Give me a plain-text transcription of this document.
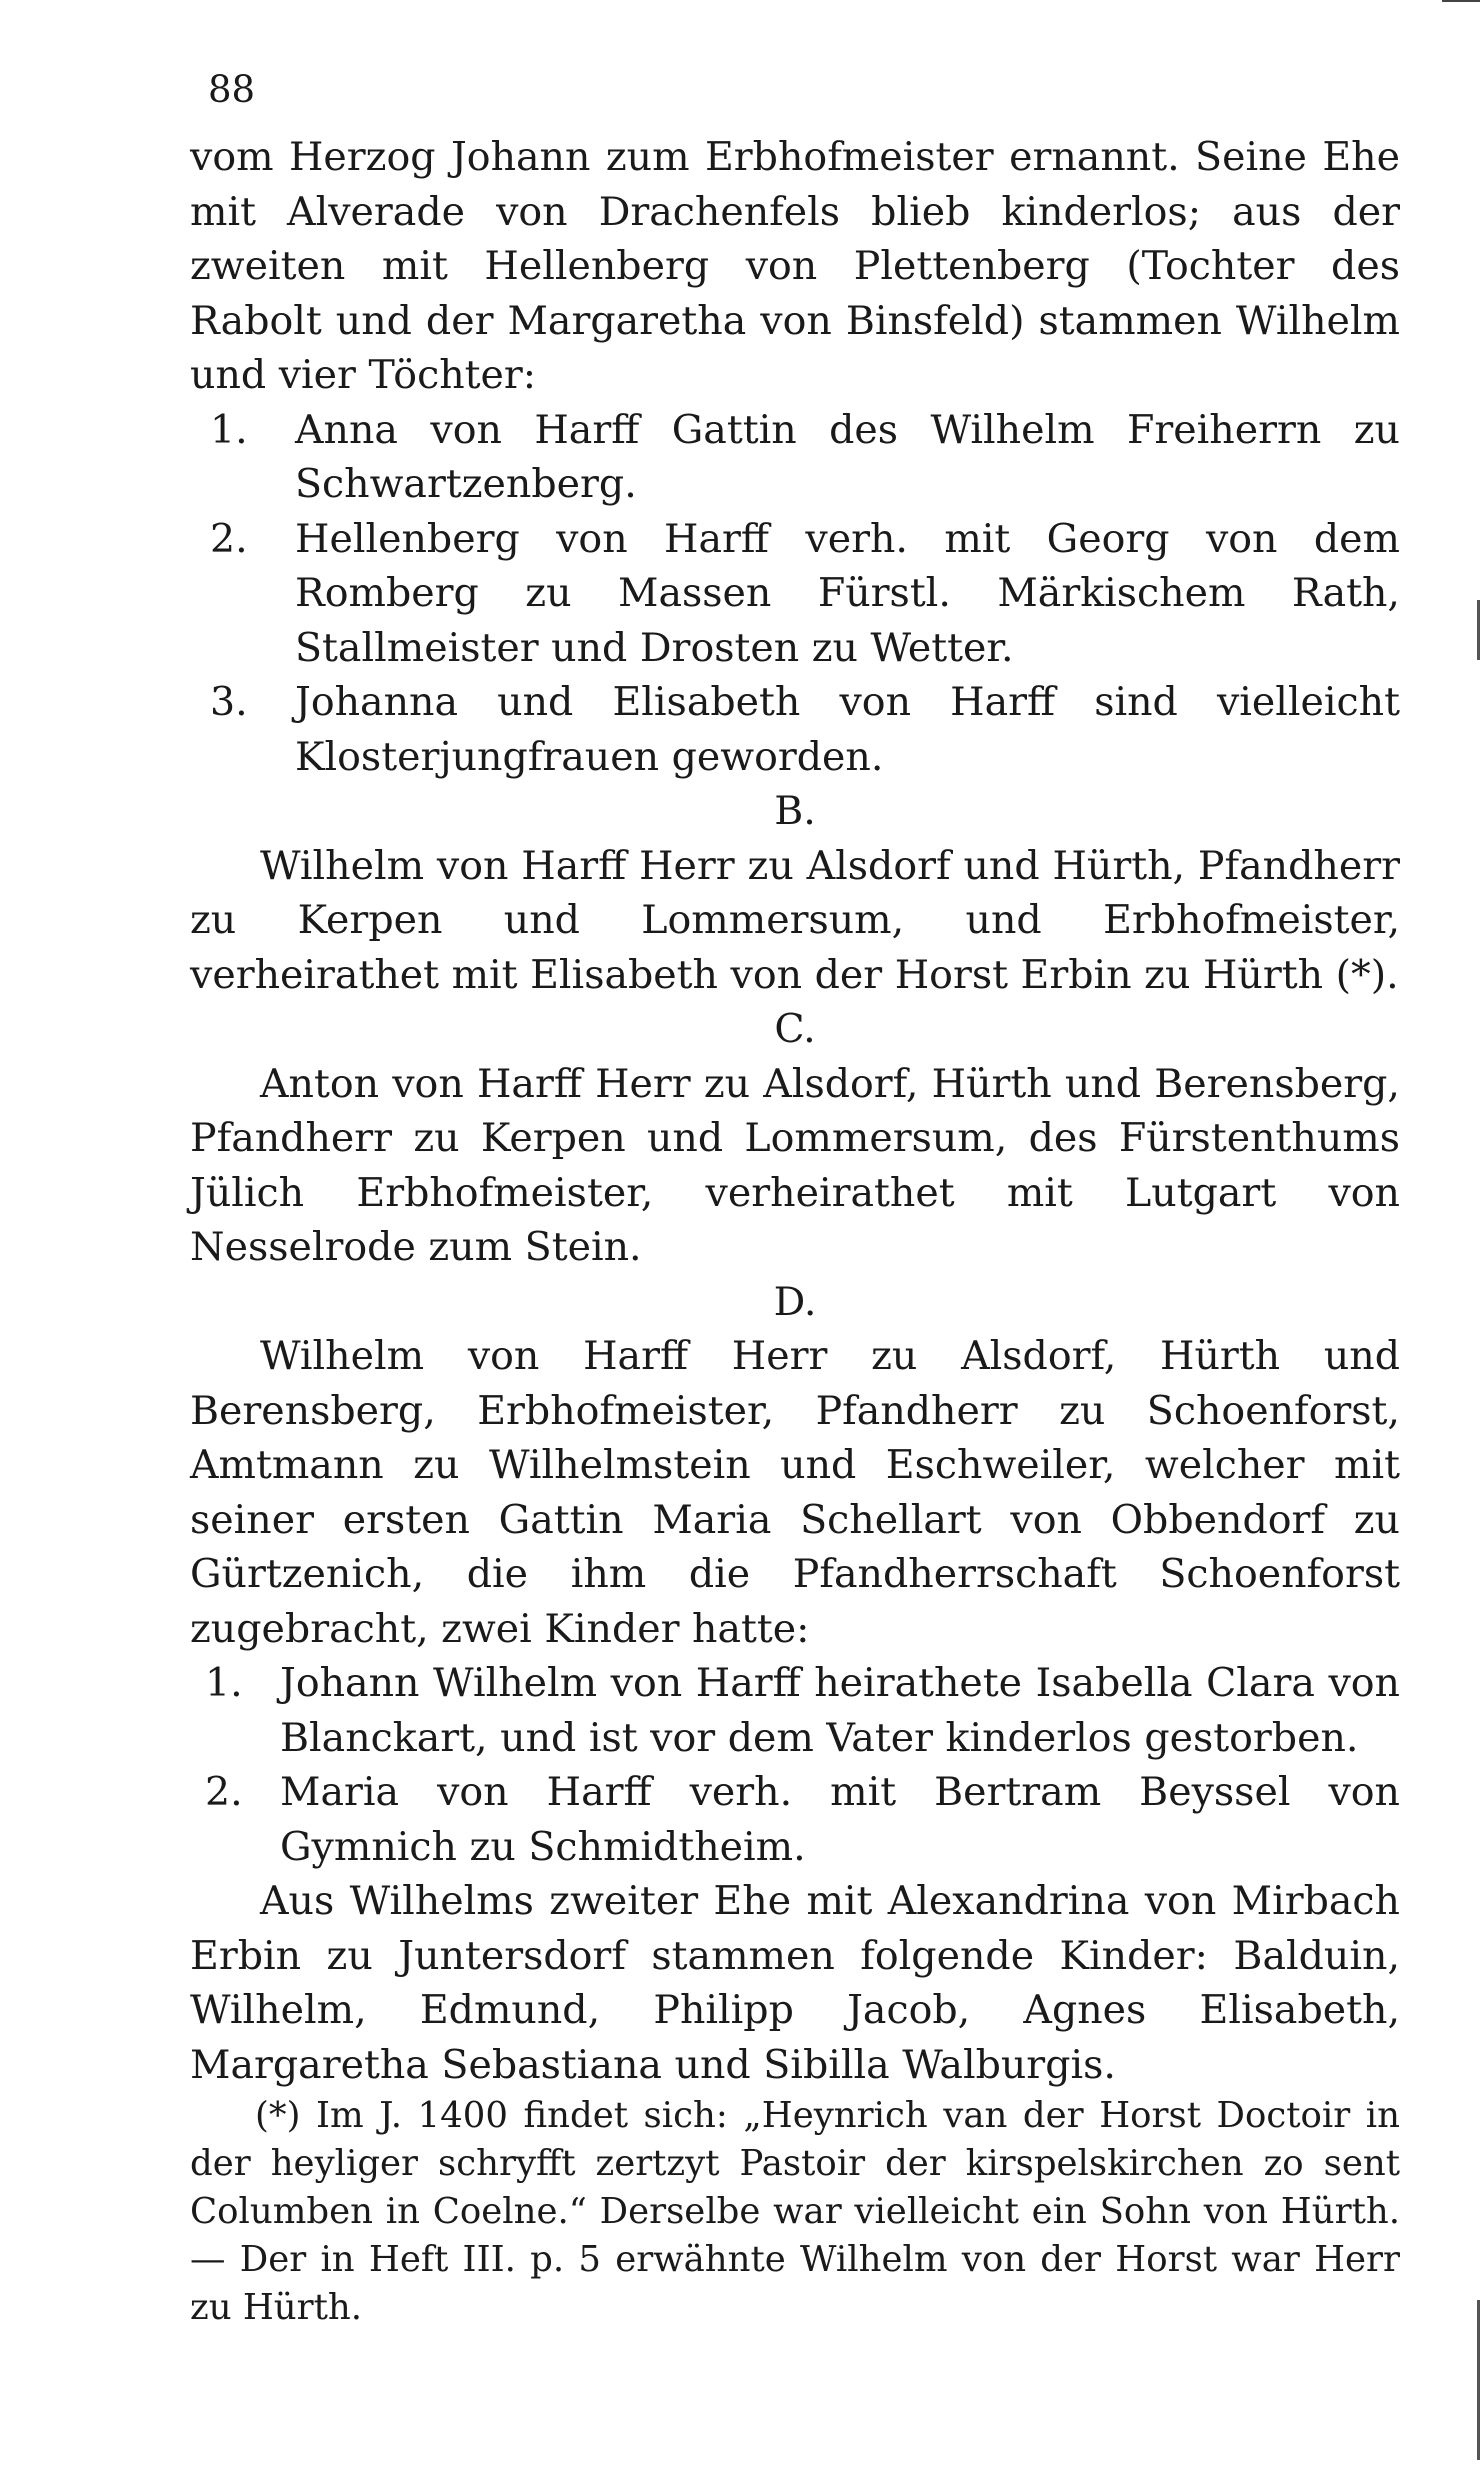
88

vom Herzog Johann zum Erbhofmeister ernannt. Seine Ehe mit Alverade von Drachenfels blieb kinderlos; aus der zweiten mit Hellenberg von Plettenberg (Tochter des Rabolt und der Margaretha von Binsfeld) stammen Wilhelm und vier Töchter:

1. Anna von Harff Gattin des Wilhelm Freiherrn zu Schwartzenberg.
2. Hellenberg von Harff verh. mit Georg von dem Romberg zu Massen Fürstl. Märkischem Rath, Stallmeister und Drosten zu Wetter.
3. Johanna und Elisabeth von Harff sind vielleicht Klosterjungfrauen geworden.

B.

Wilhelm von Harff Herr zu Alsdorf und Hürth, Pfandherr zu Kerpen und Lommersum, und Erbhofmeister, verheirathet mit Elisabeth von der Horst Erbin zu Hürth (*).

C.

Anton von Harff Herr zu Alsdorf, Hürth und Berensberg, Pfandherr zu Kerpen und Lommersum, des Fürstenthums Jülich Erbhofmeister, verheirathet mit Lutgart von Nesselrode zum Stein.

D.

Wilhelm von Harff Herr zu Alsdorf, Hürth und Berensberg, Erbhofmeister, Pfandherr zu Schoenforst, Amtmann zu Wilhelmstein und Eschweiler, welcher mit seiner ersten Gattin Maria Schellart von Obbendorf zu Gürtzenich, die ihm die Pfandherrschaft Schoenforst zugebracht, zwei Kinder hatte:

1. Johann Wilhelm von Harff heirathete Isabella Clara von Blanckart, und ist vor dem Vater kinderlos gestorben.
2. Maria von Harff verh. mit Bertram Beyssel von Gymnich zu Schmidtheim.

Aus Wilhelms zweiter Ehe mit Alexandrina von Mirbach Erbin zu Juntersdorf stammen folgende Kinder: Balduin, Wilhelm, Edmund, Philipp Jacob, Agnes Elisabeth, Margaretha Sebastiana und Sibilla Walburgis.

(*) Im J. 1400 findet sich: „Heynrich van der Horst Doctoir in der heyliger schryfft zertzyt Pastoir der kirspelskirchen zo sent Columben in Coelne.“ Derselbe war vielleicht ein Sohn von Hürth. — Der in Heft III. p. 5 erwähnte Wilhelm von der Horst war Herr zu Hürth.
